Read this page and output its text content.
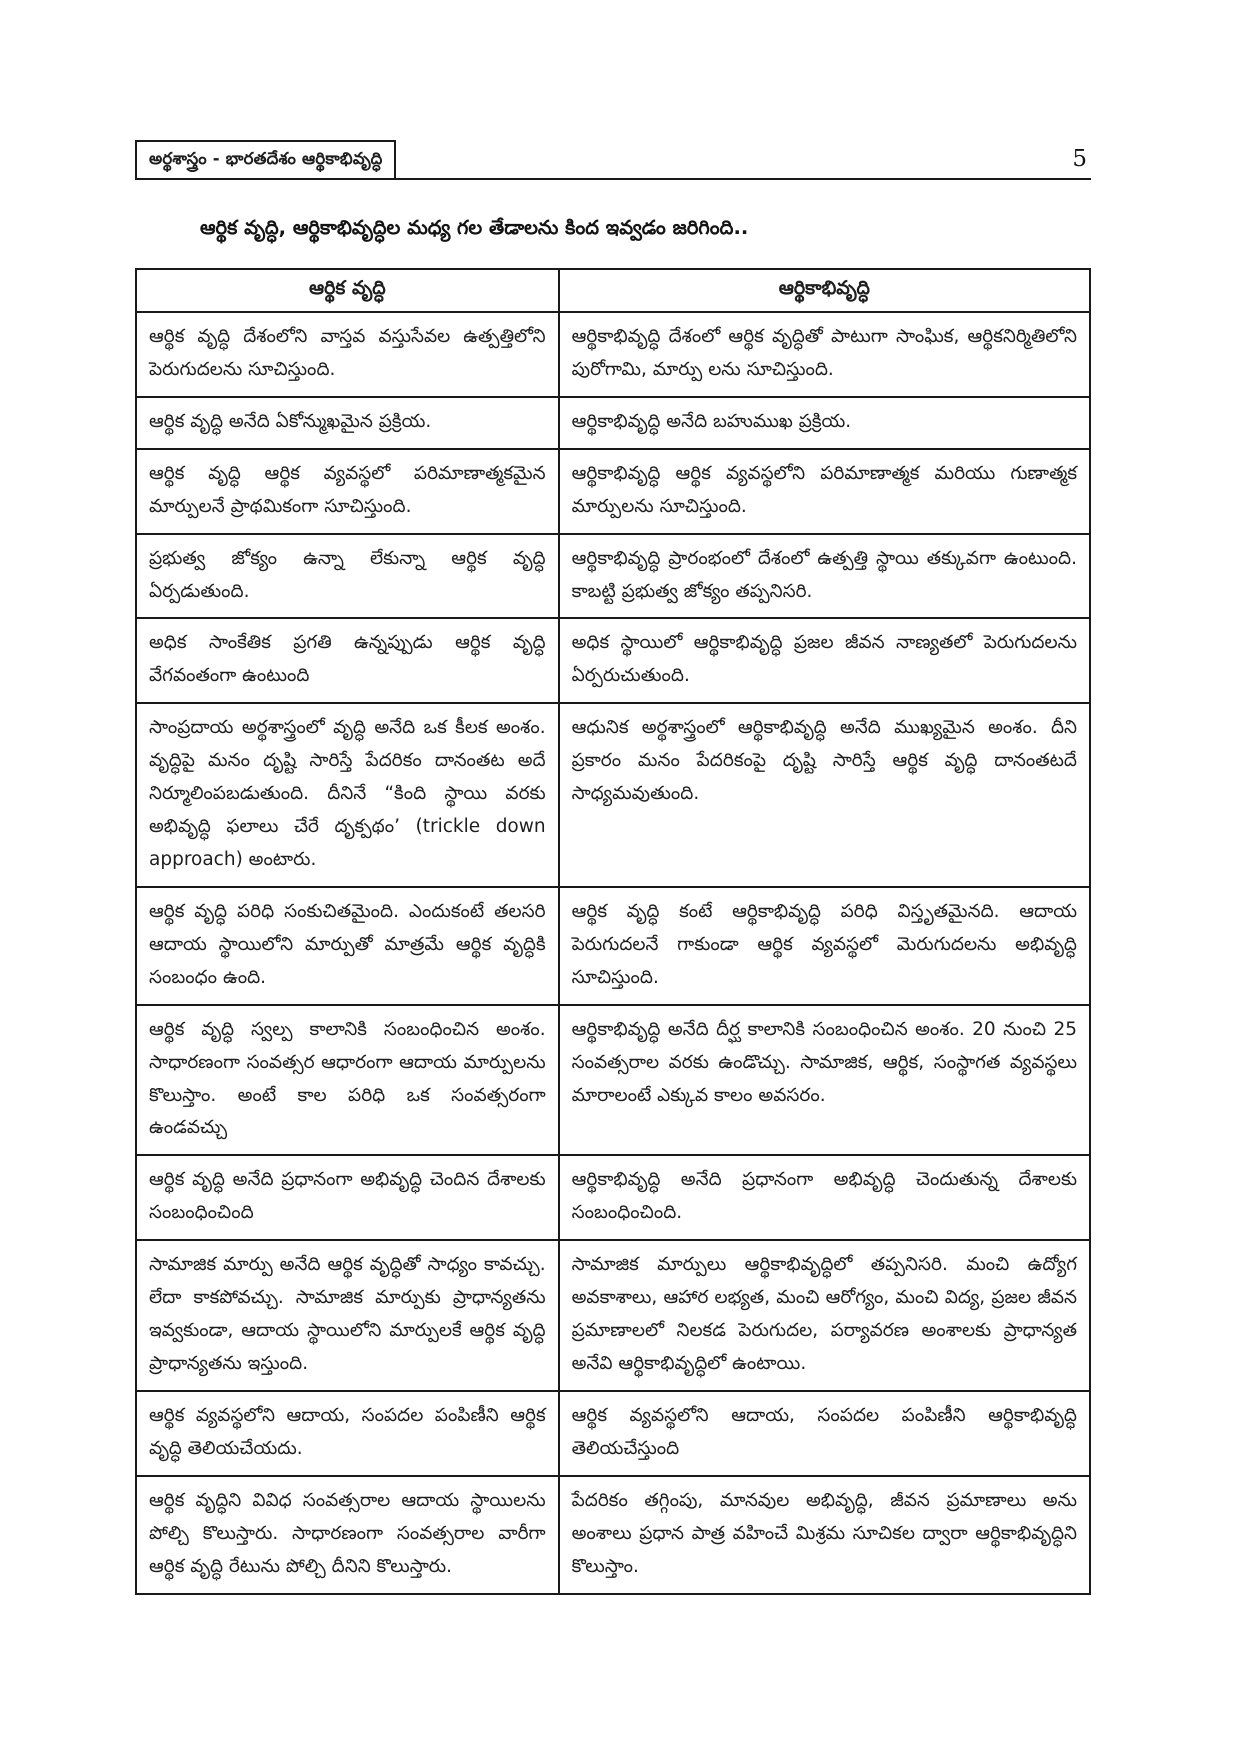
అర్థశాస్త్రం - భారతదేశం ఆర్థికాభివృద్ధి	5

ఆర్థిక వృద్ధి, ఆర్థికాభివృద్ధిల మధ్య గల తేడాలను కింద ఇవ్వడం జరిగింది..

ఆర్థిక వృద్ధి	ఆర్థికాభివృద్ధి
ఆర్థిక వృద్ధి దేశంలోని వాస్తవ వస్తుసేవల ఉత్పత్తిలోని పెరుగుదలను సూచిస్తుంది.	ఆర్థికాభివృద్ధి దేశంలో ఆర్థిక వృద్ధితో పాటుగా సాంఘిక, ఆర్థికనిర్మితిలోని పురోగామి, మార్పు లను సూచిస్తుంది.
ఆర్థిక వృద్ధి అనేది ఏకోన్ముఖమైన ప్రక్రియ.	ఆర్థికాభివృద్ధి అనేది బహుముఖ ప్రక్రియ.
ఆర్థిక వృద్ధి ఆర్థిక వ్యవస్థలో పరిమాణాత్మకమైన మార్పులనే ప్రాథమికంగా సూచిస్తుంది.	ఆర్థికాభివృద్ధి ఆర్థిక వ్యవస్థలోని పరిమాణాత్మక మరియు గుణాత్మక మార్పులను సూచిస్తుంది.
ప్రభుత్వ జోక్యం ఉన్నా లేకున్నా ఆర్థిక వృద్ధి ఏర్పడుతుంది.	ఆర్థికాభివృద్ధి ప్రారంభంలో దేశంలో ఉత్పత్తి స్థాయి తక్కువగా ఉంటుంది. కాబట్టి ప్రభుత్వ జోక్యం తప్పనిసరి.
అధిక సాంకేతిక ప్రగతి ఉన్నప్పుడు ఆర్థిక వృద్ధి వేగవంతంగా ఉంటుంది	అధిక స్థాయిలో ఆర్థికాభివృద్ధి ప్రజల జీవన నాణ్యతలో పెరుగుదలను ఏర్పరుచుతుంది.
సాంప్రదాయ అర్థశాస్త్రంలో వృద్ధి అనేది ఒక కీలక అంశం. వృద్ధిపై మనం దృష్టి సారిస్తే పేదరికం దానంతట అదే నిర్మూలింపబడుతుంది. దీనినే “కింది స్థాయి వరకు అభివృద్ధి ఫలాలు చేరే దృక్పథం’ (trickle down approach) అంటారు.	ఆధునిక అర్థశాస్త్రంలో ఆర్థికాభివృద్ధి అనేది ముఖ్యమైన అంశం. దీని ప్రకారం మనం పేదరికంపై దృష్టి సారిస్తే ఆర్థిక వృద్ధి దానంతటదే సాధ్యమవుతుంది.
ఆర్థిక వృద్ధి పరిధి సంకుచితమైంది. ఎందుకంటే తలసరి ఆదాయ స్థాయిలోని మార్పుతో మాత్రమే ఆర్థిక వృద్ధికి సంబంధం ఉంది.	ఆర్థిక వృద్ధి కంటే ఆర్థికాభివృద్ధి పరిధి విస్తృతమైనది. ఆదాయ పెరుగుదలనే గాకుండా ఆర్థిక వ్యవస్థలో మెరుగుదలను అభివృద్ధి సూచిస్తుంది.
ఆర్థిక వృద్ధి స్వల్ప కాలానికి సంబంధించిన అంశం. సాధారణంగా సంవత్సర ఆధారంగా ఆదాయ మార్పులను కొలుస్తాం. అంటే కాల పరిధి ఒక సంవత్సరంగా ఉండవచ్చు	ఆర్థికాభివృద్ధి అనేది దీర్ఘ కాలానికి సంబంధించిన అంశం. 20 నుంచి 25 సంవత్సరాల వరకు ఉండొచ్చు. సామాజిక, ఆర్థిక, సంస్థాగత వ్యవస్థలు మారాలంటే ఎక్కువ కాలం అవసరం.
ఆర్థిక వృద్ధి అనేది ప్రధానంగా అభివృద్ధి చెందిన దేశాలకు సంబంధించింది	ఆర్థికాభివృద్ధి అనేది ప్రధానంగా అభివృద్ధి చెందుతున్న దేశాలకు సంబంధించింది.
సామాజిక మార్పు అనేది ఆర్థిక వృద్ధితో సాధ్యం కావచ్చు. లేదా కాకపోవచ్చు. సామాజిక మార్పుకు ప్రాధాన్యతను ఇవ్వకుండా, ఆదాయ స్థాయిలోని మార్పులకే ఆర్థిక వృద్ధి ప్రాధాన్యతను ఇస్తుంది.	సామాజిక మార్పులు ఆర్థికాభివృద్ధిలో తప్పనిసరి. మంచి ఉద్యోగ అవకాశాలు, ఆహార లభ్యత, మంచి ఆరోగ్యం, మంచి విద్య, ప్రజల జీవన ప్రమాణాలలో నిలకడ పెరుగుదల, పర్యావరణ అంశాలకు ప్రాధాన్యత అనేవి ఆర్థికాభివృద్ధిలో ఉంటాయి.
ఆర్థిక వ్యవస్థలోని ఆదాయ, సంపదల పంపిణీని ఆర్థిక వృద్ధి తెలియచేయదు.	ఆర్థిక వ్యవస్థలోని ఆదాయ, సంపదల పంపిణీని ఆర్థికాభివృద్ధి తెలియచేస్తుంది
ఆర్థిక వృద్ధిని వివిధ సంవత్సరాల ఆదాయ స్థాయిలను పోల్చి కొలుస్తారు. సాధారణంగా సంవత్సరాల వారీగా ఆర్థిక వృద్ధి రేటును పోల్చి దీనిని కొలుస్తారు.	పేదరికం తగ్గింపు, మానవుల అభివృద్ధి, జీవన ప్రమాణాలు అను అంశాలు ప్రధాన పాత్ర వహించే మిశ్రమ సూచికల ద్వారా ఆర్థికాభివృద్ధిని కొలుస్తాం.
